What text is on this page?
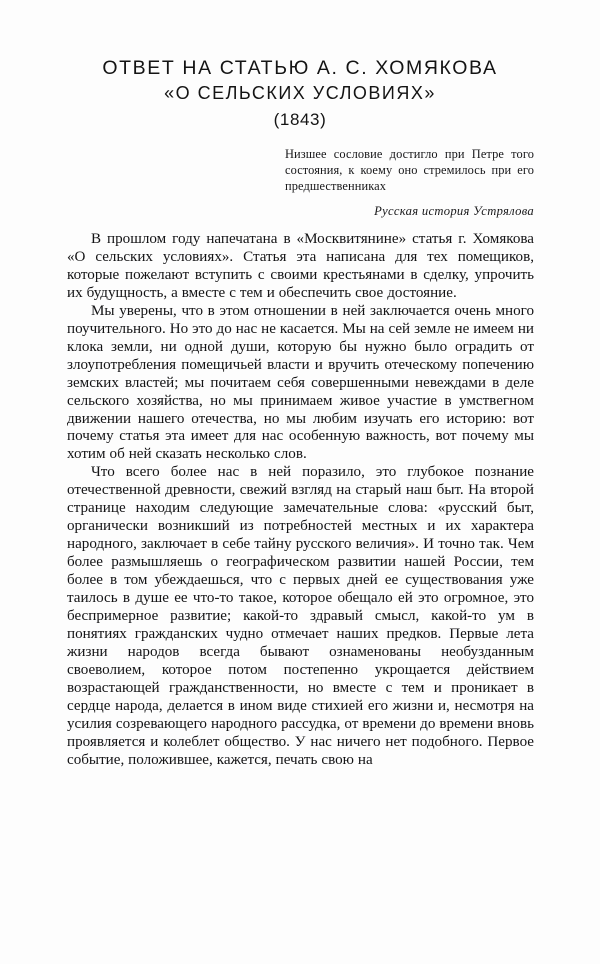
ОТВЕТ НА СТАТЬЮ А. С. ХОМЯКОВА
«О СЕЛЬСКИХ УСЛОВИЯХ»
(1843)
Низшее сословие достигло при Петре того состояния, к коему оно стремилось при его предшественниках
Русская история Устрялова

В прошлом году напечатана в «Москвитянине» статья г. Хомякова «О сельских условиях». Статья эта написана для тех помещиков, которые пожелают вступить с своими крестьянами в сделку, упрочить их будущность, а вместе с тем и обеспечить свое достояние.

Мы уверены, что в этом отношении в ней заключается очень много поучительного. Но это до нас не касается. Мы на сей земле не имеем ни клока земли, ни одной души, которую бы нужно было оградить от злоупотребления помещичьей власти и вручить отеческому попечению земских властей; мы почитаем себя совершенными невеждами в деле сельского хозяйства, но мы принимаем живое участие в умствегном движении нашего отечества, но мы любим изучать его историю: вот почему статья эта имеет для нас особенную важность, вот почему мы хотим об ней сказать несколько слов.

Что всего более нас в ней поразило, это глубокое познание отечественной древности, свежий взгляд на старый наш быт. На второй странице находим следующие замечательные слова: «русский быт, органически возникший из потребностей местных и их характера народного, заключает в себе тайну русского величия». И точно так. Чем более размышляешь о географическом развитии нашей России, тем более в том убеждаешься, что с первых дней ее существования уже таилось в душе ее что-то такое, которое обещало ей это огромное, это беспримерное развитие; какой-то здравый смысл, какой-то ум в понятиях гражданских чудно отмечает наших предков. Первые лета жизни народов всегда бывают ознаменованы необузданным своеволием, которое потом постепенно укрощается действием возрастающей гражданственности, но вместе с тем и проникает в сердце народа, делается в ином виде стихией его жизни и, несмотря на усилия созревающего народного рассудка, от времени до времени вновь проявляется и колеблет общество. У нас ничего нет подобного. Первое событие, положившее, кажется, печать свою на
